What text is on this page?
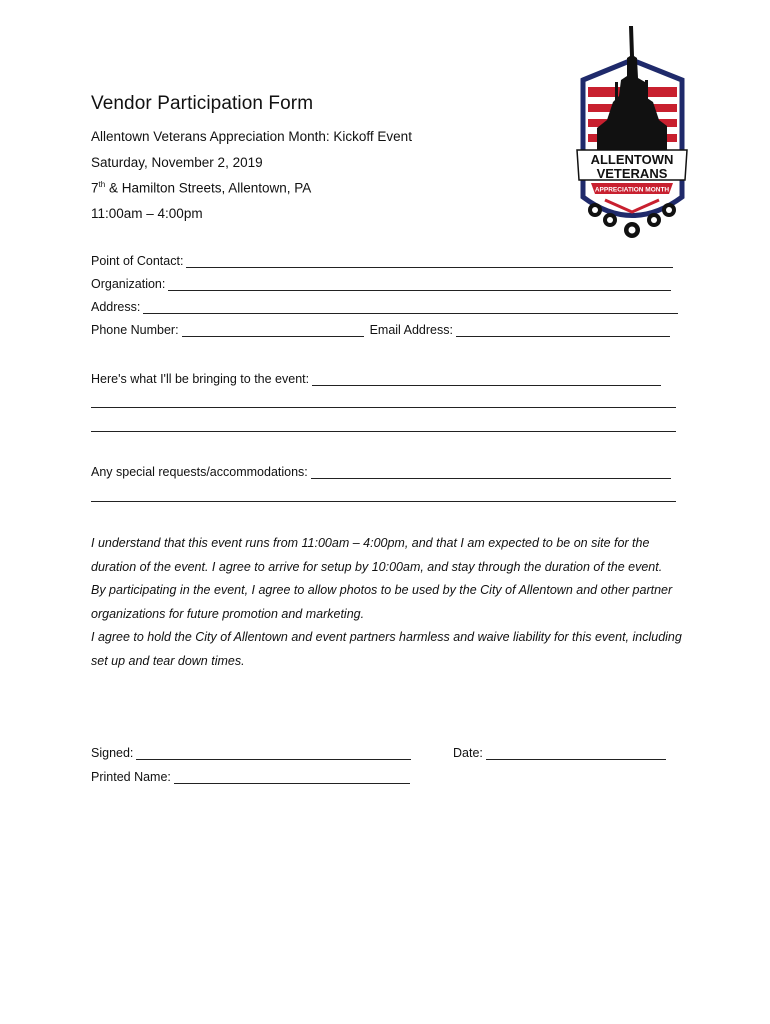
Vendor Participation Form
Allentown Veterans Appreciation Month: Kickoff Event
Saturday, November 2, 2019
7th & Hamilton Streets, Allentown, PA
11:00am – 4:00pm
ALLENTOWN
VETERANS
APPRECIATION MONTH
Point of Contact:
Organization:
Address:
Phone Number:	Email Address:
Here's what I'll be bringing to the event:
Any special requests/accommodations:

I understand that this event runs from 11:00am – 4:00pm, and that I am expected to be on site for the duration of the event. I agree to arrive for setup by 10:00am, and stay through the duration of the event.

By participating in the event, I agree to allow photos to be used by the City of Allentown and other partner organizations for future promotion and marketing.

I agree to hold the City of Allentown and event partners harmless and waive liability for this event, including set up and tear down times.

Signed:	Date:
Printed Name:
